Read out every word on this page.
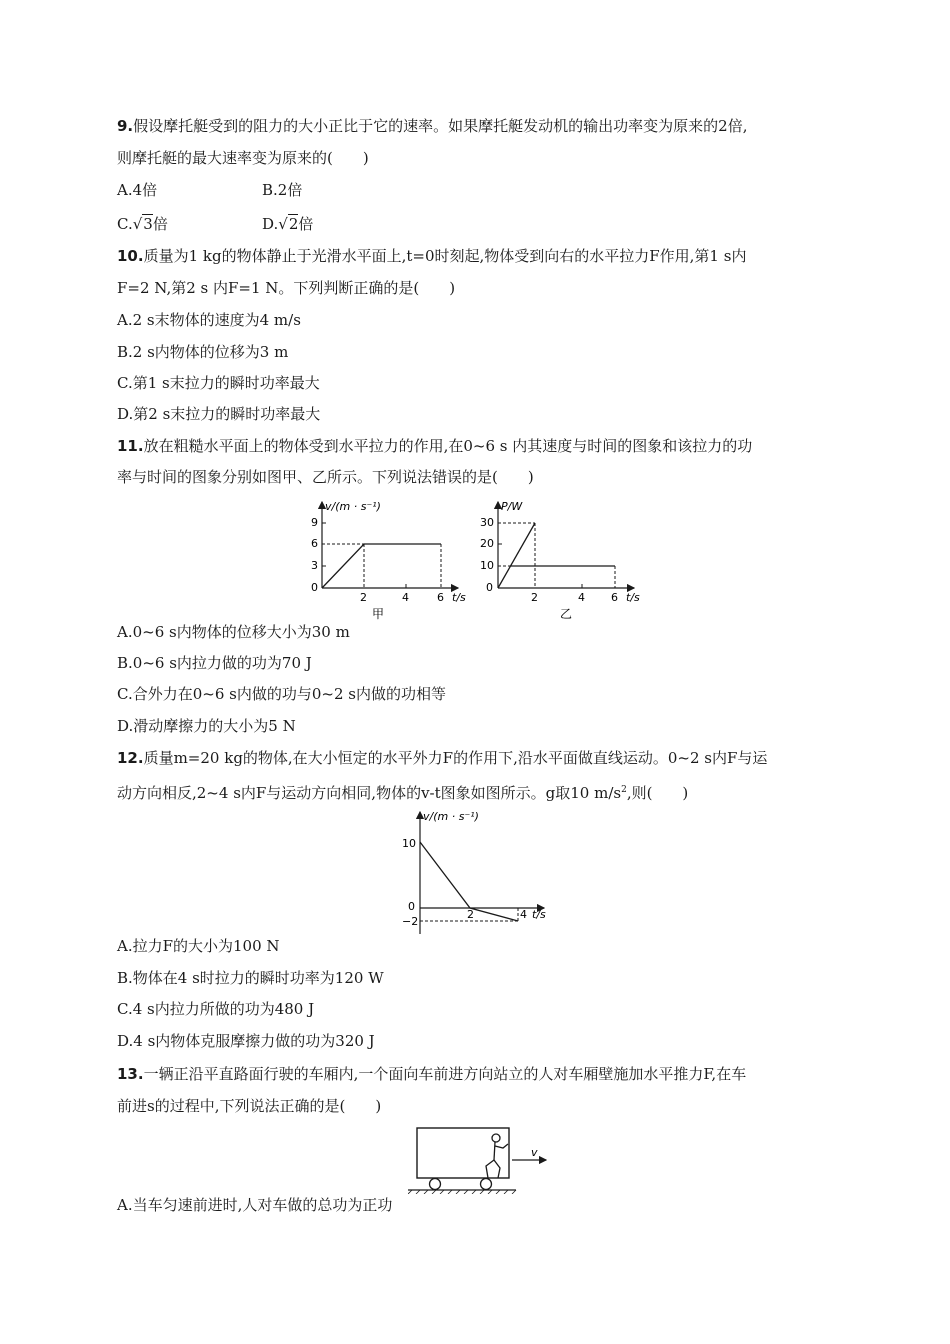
9.假设摩托艇受到的阻力的大小正比于它的速率。如果摩托艇发动机的输出功率变为原来的2倍,
则摩托艇的最大速率变为原来的(　　)
A.4倍	B.2倍
C.√3倍	D.√2倍
10.质量为1 kg的物体静止于光滑水平面上,t=0时刻起,物体受到向右的水平拉力F作用,第1 s内
F=2 N,第2 s 内F=1 N。下列判断正确的是(　　)
A.2 s末物体的速度为4 m/s
B.2 s内物体的位移为3 m
C.第1 s末拉力的瞬时功率最大
D.第2 s末拉力的瞬时功率最大
11.放在粗糙水平面上的物体受到水平拉力的作用,在0~6 s 内其速度与时间的图象和该拉力的功
率与时间的图象分别如图甲、乙所示。下列说法错误的是(　　)
v/(m · s⁻¹)
9
6
3
0
2	4	6 t/s
甲
P/W
30
20
10
0
2	4 6 t/s
乙
A.0~6 s内物体的位移大小为30 m
B.0~6 s内拉力做的功为70 J
C.合外力在0~6 s内做的功与0~2 s内做的功相等
D.滑动摩擦力的大小为5 N
12.质量m=20 kg的物体,在大小恒定的水平外力F的作用下,沿水平面做直线运动。0~2 s内F与运
动方向相反,2~4 s内F与运动方向相同,物体的v-t图象如图所示。g取10 $m/s^2$,则(　　)
v/(m · s⁻¹)
10
0
−2
2	4 t/s
A.拉力F的大小为100 N
B.物体在4 s时拉力的瞬时功率为120 W
C.4 s内拉力所做的功为480 J
D.4 s内物体克服摩擦力做的功为320 J
13.一辆正沿平直路面行驶的车厢内,一个面向车前进方向站立的人对车厢壁施加水平推力F,在车
前进s的过程中,下列说法正确的是(　　)
v
A.当车匀速前进时,人对车做的总功为正功
